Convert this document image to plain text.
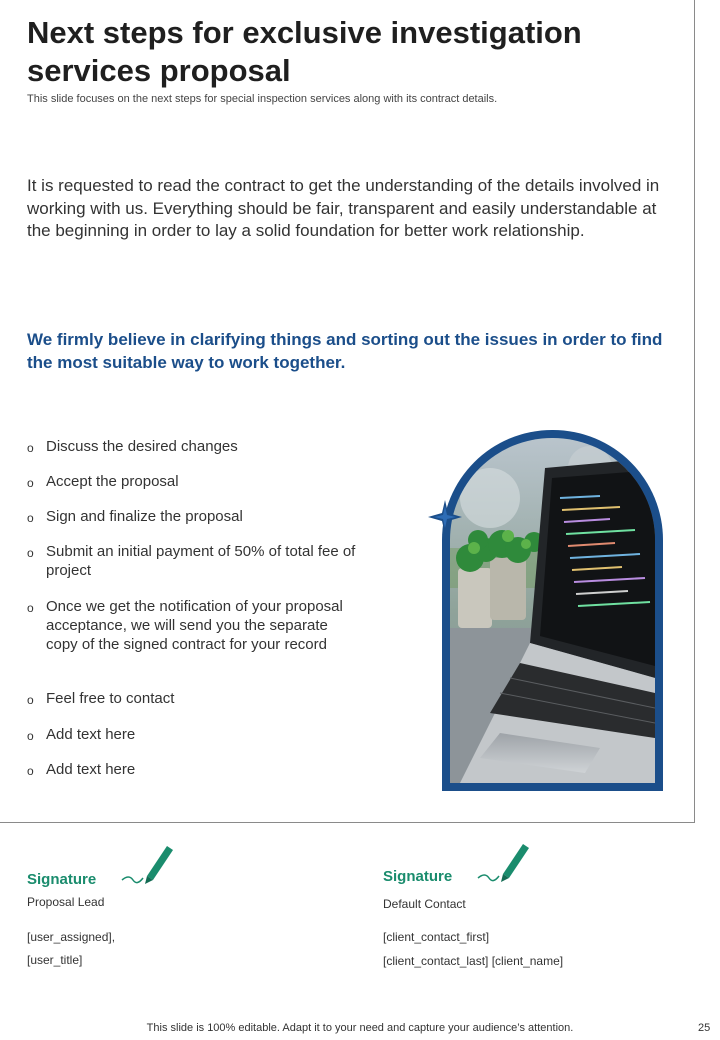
Next steps for exclusive investigation services proposal

This slide focuses on the next steps for special inspection services along with its contract details.

It is requested to read the contract to get the understanding of the details involved in working with us. Everything should be fair, transparent and easily understandable at the beginning in order to lay a solid foundation for better work relationship.

We firmly believe in clarifying things and sorting out the issues in order to find the most suitable way to work together.

o Discuss the desired changes
o Accept the proposal
o Sign and finalize the proposal
o Submit an initial payment of 50% of total fee of project
o Once we get the notification of your proposal acceptance, we will send you the separate copy of the signed contract for your record
o Feel free to contact
o Add text here
o Add text here
Signature
Proposal Lead
[user_assigned],
[user_title]
Signature
Default Contact
[client_contact_first]
[client_contact_last] [client_name]
This slide is 100% editable. Adapt it to your need and capture your audience’s attention.	25
